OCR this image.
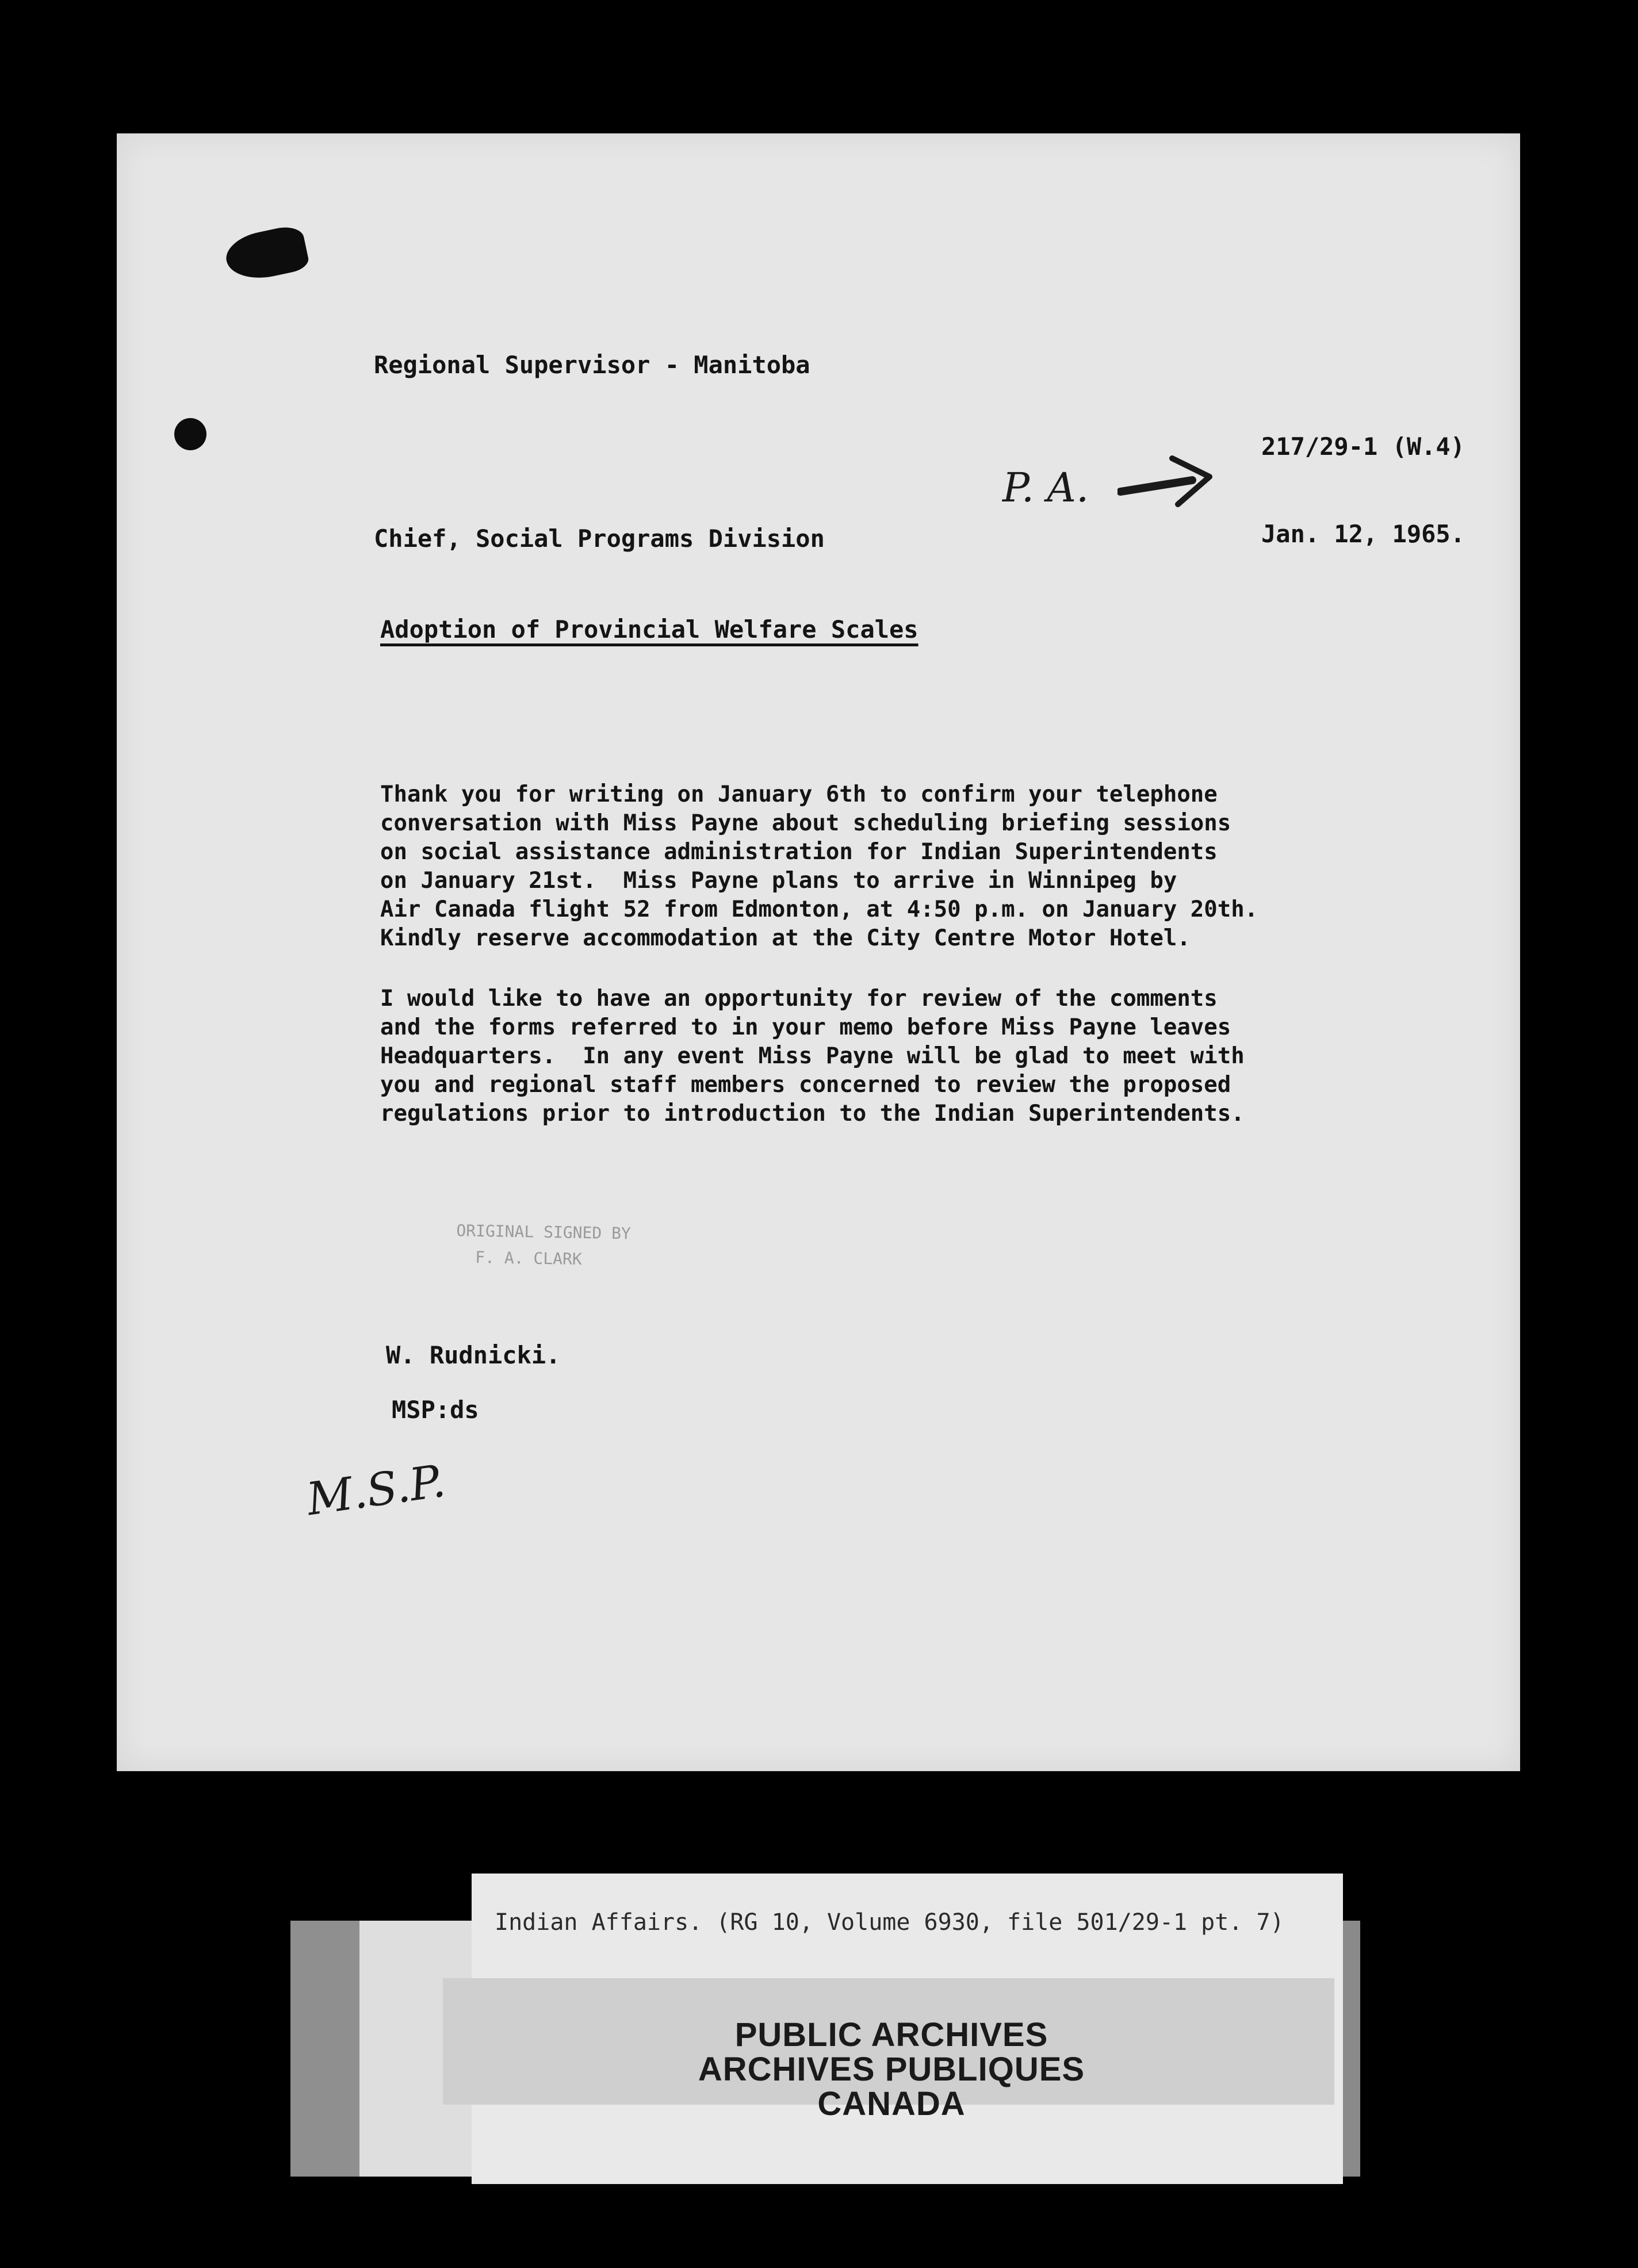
Regional Supervisor - Manitoba
217/29-1 (W.4)
P. A.
Chief, Social Programs Division	Jan. 12, 1965.
Adoption of Provincial Welfare Scales
Thank you for writing on January 6th to confirm your telephone
conversation with Miss Payne about scheduling briefing sessions
on social assistance administration for Indian Superintendents
on January 21st.  Miss Payne plans to arrive in Winnipeg by
Air Canada flight 52 from Edmonton, at 4:50 p.m. on January 20th.
Kindly reserve accommodation at the City Centre Motor Hotel.
I would like to have an opportunity for review of the comments
and the forms referred to in your memo before Miss Payne leaves
Headquarters.  In any event Miss Payne will be glad to meet with
you and regional staff members concerned to review the proposed
regulations prior to introduction to the Indian Superintendents.
ORIGINAL SIGNED BY
F. A. CLARK
W. Rudnicki.
MSP:ds
M.S.P.
Indian Affairs. (RG 10, Volume 6930, file 501/29-1 pt. 7)
PUBLIC ARCHIVES
ARCHIVES PUBLIQUES
CANADA
